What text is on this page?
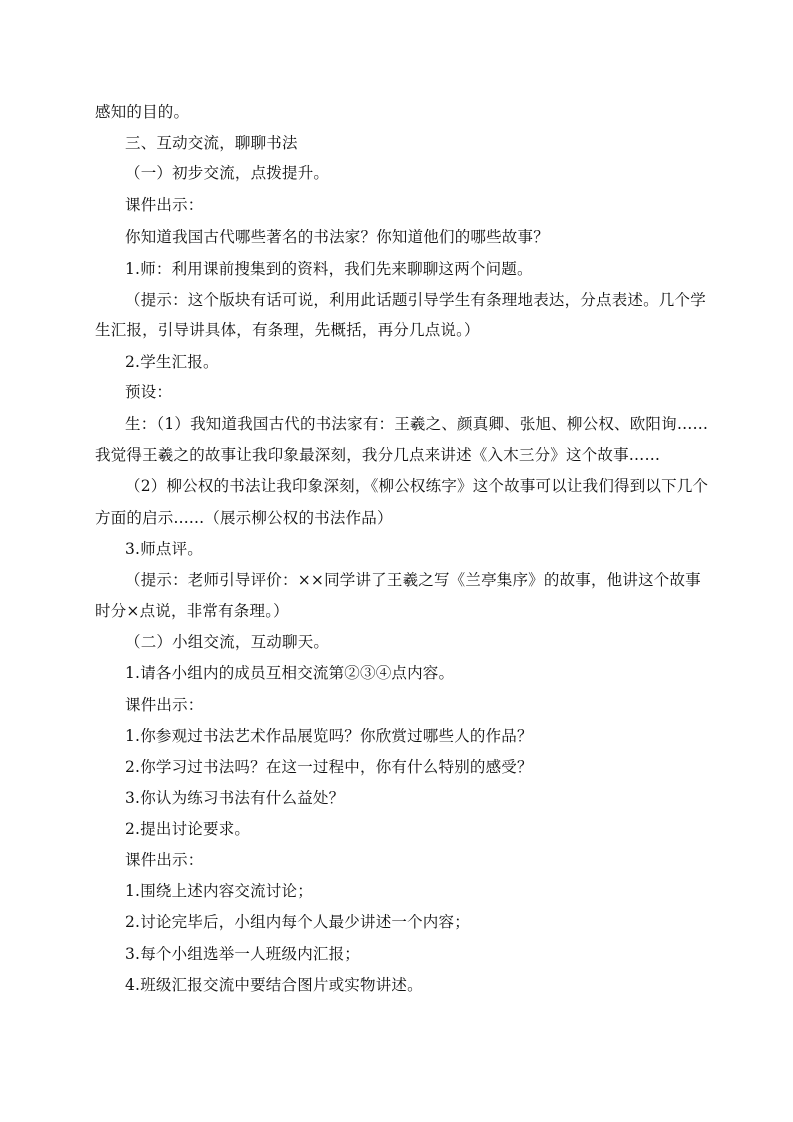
感知的目的。
三、互动交流，聊聊书法
（一）初步交流，点拨提升。
课件出示：
你知道我国古代哪些著名的书法家？你知道他们的哪些故事？
1.师：利用课前搜集到的资料，我们先来聊聊这两个问题。
（提示：这个版块有话可说，利用此话题引导学生有条理地表达，分点表述。几个学
生汇报，引导讲具体，有条理，先概括，再分几点说。）
2.学生汇报。
预设：
生：（1）我知道我国古代的书法家有：王羲之、颜真卿、张旭、柳公权、欧阳询……
我觉得王羲之的故事让我印象最深刻，我分几点来讲述《入木三分》这个故事……
（2）柳公权的书法让我印象深刻，《柳公权练字》这个故事可以让我们得到以下几个
方面的启示......（展示柳公权的书法作品）
3.师点评。
（提示：老师引导评价：××同学讲了王羲之写《兰亭集序》的故事，他讲这个故事
时分×点说，非常有条理。）
（二）小组交流，互动聊天。
1.请各小组内的成员互相交流第②③④点内容。
课件出示：
1.你参观过书法艺术作品展览吗？你欣赏过哪些人的作品？
2.你学习过书法吗？在这一过程中，你有什么特别的感受？
3.你认为练习书法有什么益处？
2.提出讨论要求。
课件出示：
1.围绕上述内容交流讨论；
2.讨论完毕后，小组内每个人最少讲述一个内容；
3.每个小组选举一人班级内汇报；
4.班级汇报交流中要结合图片或实物讲述。
